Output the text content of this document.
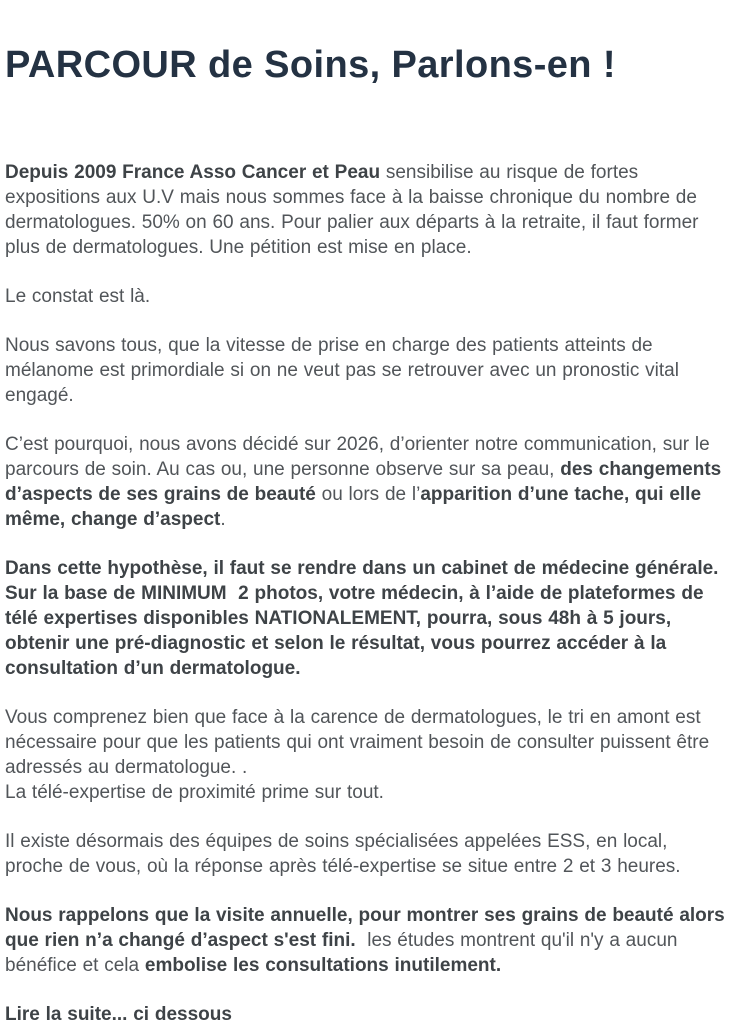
PARCOUR de Soins, Parlons-en !

Depuis 2009 France Asso Cancer et Peau sensibilise au risque de fortes expositions aux U.V mais nous sommes face à la baisse chronique du nombre de dermatologues. 50% on 60 ans. Pour palier aux départs à la retraite, il faut former plus de dermatologues. Une pétition est mise en place.

Le constat est là.

Nous savons tous, que la vitesse de prise en charge des patients atteints de mélanome est primordiale si on ne veut pas se retrouver avec un pronostic vital engagé.

C’est pourquoi, nous avons décidé sur 2026, d’orienter notre communication, sur le parcours de soin. Au cas ou, une personne observe sur sa peau, des changements d’aspects de ses grains de beauté ou lors de l’apparition d’une tache, qui elle même, change d’aspect.

Dans cette hypothèse, il faut se rendre dans un cabinet de médecine générale. Sur la base de MINIMUM  2 photos, votre médecin, à l’aide de plateformes de télé expertises disponibles NATIONALEMENT, pourra, sous 48h à 5 jours, obtenir une pré-diagnostic et selon le résultat, vous pourrez accéder à la consultation d’un dermatologue.

Vous comprenez bien que face à la carence de dermatologues, le tri en amont est nécessaire pour que les patients qui ont vraiment besoin de consulter puissent être adressés au dermatologue. .
La télé-expertise de proximité prime sur tout.

Il existe désormais des équipes de soins spécialisées appelées ESS, en local, proche de vous, où la réponse après télé-expertise se situe entre 2 et 3 heures.

Nous rappelons que la visite annuelle, pour montrer ses grains de beauté alors que rien n’a changé d’aspect s'est fini.  les études montrent qu'il n'y a aucun bénéfice et cela embolise les consultations inutilement.

Lire la suite... ci dessous
